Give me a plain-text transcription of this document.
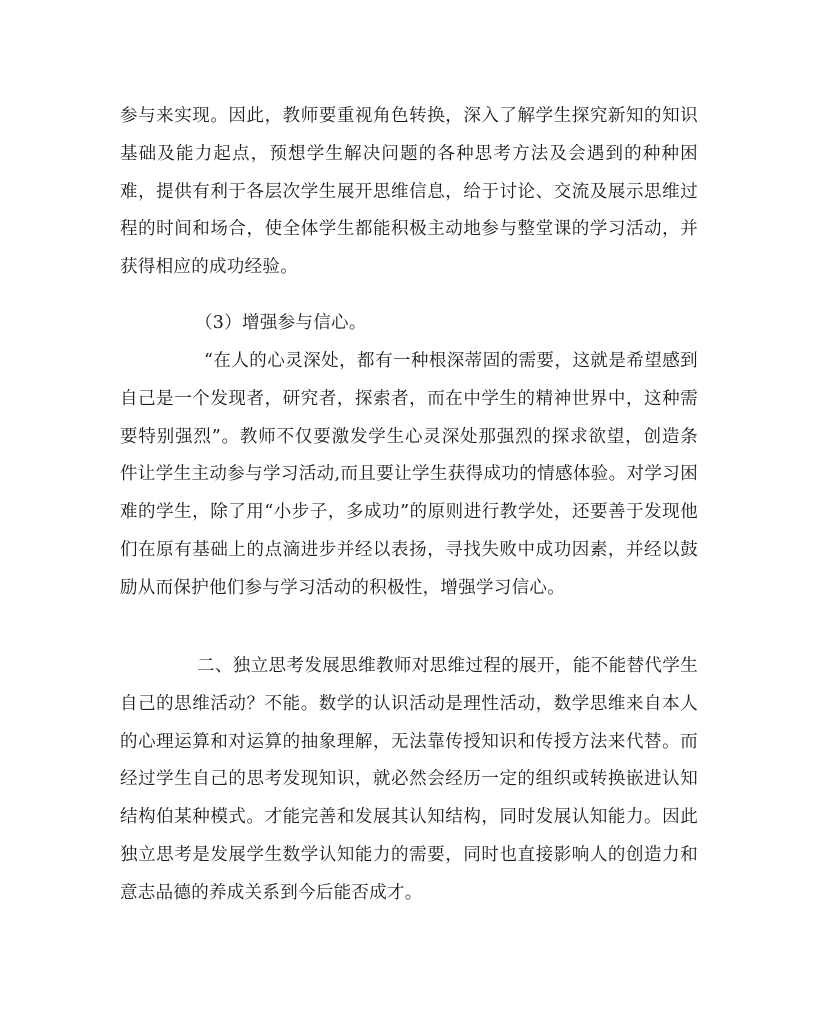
参与来实现。因此，教师要重视角色转换，深入了解学生探究新知的知识基础及能力起点，预想学生解决问题的各种思考方法及会遇到的种种困难，提供有利于各层次学生展开思维信息，给于讨论、交流及展示思维过程的时间和场合，使全体学生都能积极主动地参与整堂课的学习活动，并获得相应的成功经验。

（3）增强参与信心。

“在人的心灵深处，都有一种根深蒂固的需要，这就是希望感到自己是一个发现者，研究者，探索者，而在中学生的精神世界中，这种需要特别强烈”。教师不仅要激发学生心灵深处那强烈的探求欲望，创造条件让学生主动参与学习活动,而且要让学生获得成功的情感体验。对学习困难的学生，除了用“小步子，多成功”的原则进行教学处，还要善于发现他们在原有基础上的点滴进步并经以表扬，寻找失败中成功因素，并经以鼓励从而保护他们参与学习活动的积极性，增强学习信心。

二、独立思考发展思维教师对思维过程的展开，能不能替代学生自己的思维活动？不能。数学的认识活动是理性活动，数学思维来自本人的心理运算和对运算的抽象理解，无法靠传授知识和传授方法来代替。而经过学生自己的思考发现知识，就必然会经历一定的组织或转换嵌进认知结构伯某种模式。才能完善和发展其认知结构，同时发展认知能力。因此独立思考是发展学生数学认知能力的需要，同时也直接影响人的创造力和意志品德的养成关系到今后能否成才。
